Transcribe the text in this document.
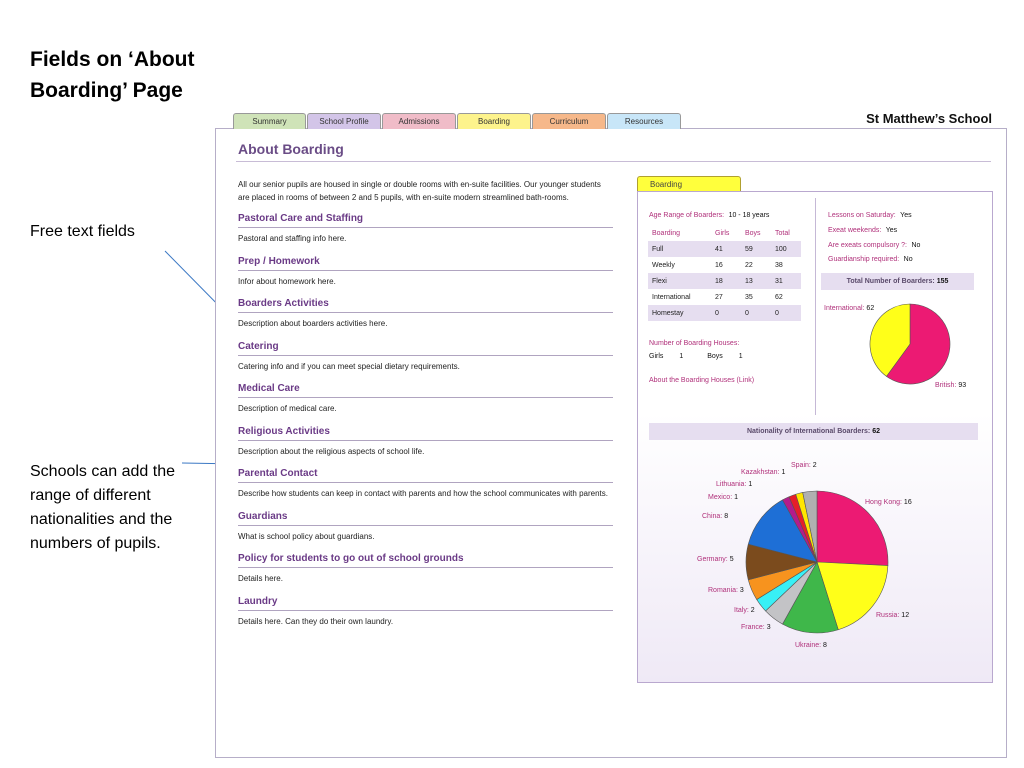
Fields on ‘About Boarding’ Page
Free text fields
Schools can add the range of different nationalities and the numbers of pupils.
Summary	School Profile	Admissions	Boarding	Curriculum	Resources	St Matthew’s School
About Boarding

All our senior pupils are housed in single or double rooms with en-suite facilities. Our younger students are placed in rooms of between 2 and 5 pupils, with en-suite modern streamlined bath-rooms.

Pastoral Care and Staffing

Pastoral and staffing info here.

Prep / Homework

Infor about homework here.

Boarders Activities

Description about boarders activities here.

Catering

Catering info and if you can meet special dietary requirements.

Medical Care

Description of medical care.

Religious Activities

Description about the religious aspects of school life.

Parental Contact

Describe how students can keep in contact with parents and how the school communicates with parents.

Guardians

What is school policy about guardians.

Policy for students to go out of school grounds

Details here.

Laundry

Details here. Can they do their own laundry.

Boarding
Age Range of Boarders: 10 - 18 years
Boarding	Girls	Boys	Total
Full	41	59	100
Weekly	16	22	38
Flexi	18	13	31
International	27	35	62
Homestay	0	0	0
Number of Boarding Houses:
Girls 1	Boys 1
About the Boarding Houses (Link)
Lessons on Saturday: Yes
Exeat weekends: Yes
Are exeats compulsory ?: No
Guardianship required: No
Total Number of Boarders: 155
Nationality of International Boarders: 62
International: 62
British: 93
Hong Kong: 16
Russia: 12
Ukraine: 8
France: 3
Italy: 2
Romania: 3
Germany: 5
China: 8
Mexico: 1
Lithuania: 1
Kazakhstan: 1
Spain: 2
